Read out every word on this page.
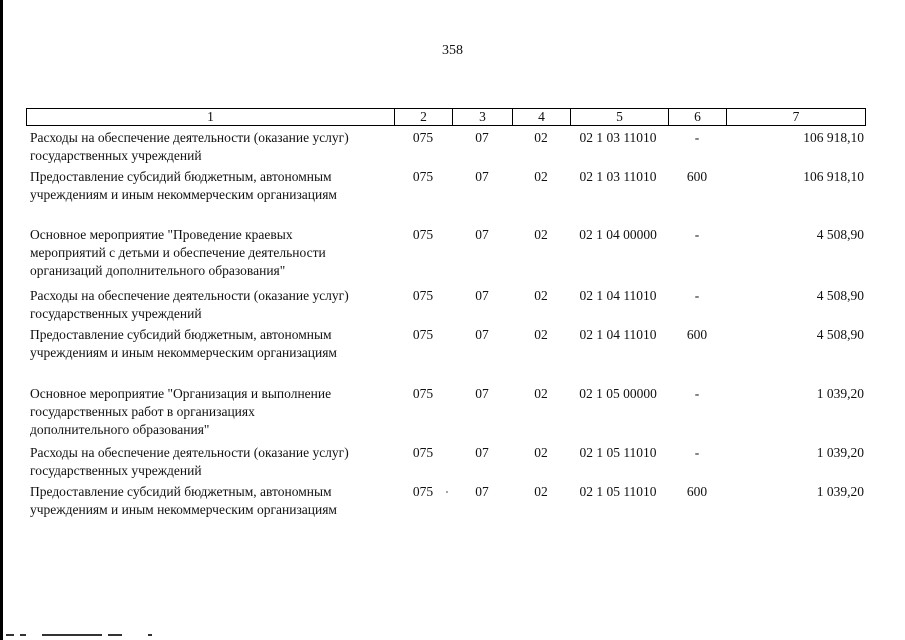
358
1	2	3	4	5	6	7
Расходы на обеспечение деятельности (оказание услуг)
государственных учреждений
075	07	02	02 1 03 11010	-	106 918,10
Предоставление субсидий бюджетным, автономным
учреждениям и иным некоммерческим организациям
075	07	02	02 1 03 11010	600	106 918,10
Основное мероприятие "Проведение краевых
мероприятий с детьми и обеспечение деятельности
организаций дополнительного образования"
075	07	02	02 1 04 00000	-	4 508,90
Расходы на обеспечение деятельности (оказание услуг)
государственных учреждений
075	07	02	02 1 04 11010	-	4 508,90
Предоставление субсидий бюджетным, автономным
учреждениям и иным некоммерческим организациям
075	07	02	02 1 04 11010	600	4 508,90
Основное мероприятие "Организация и выполнение
государственных работ в организациях
дополнительного образования"
075	07	02	02 1 05 00000	-	1 039,20
Расходы на обеспечение деятельности (оказание услуг)
государственных учреждений
075	07	02	02 1 05 11010	-	1 039,20
Предоставление субсидий бюджетным, автономным
учреждениям и иным некоммерческим организациям
075	07	02	02 1 05 11010	600	1 039,20
